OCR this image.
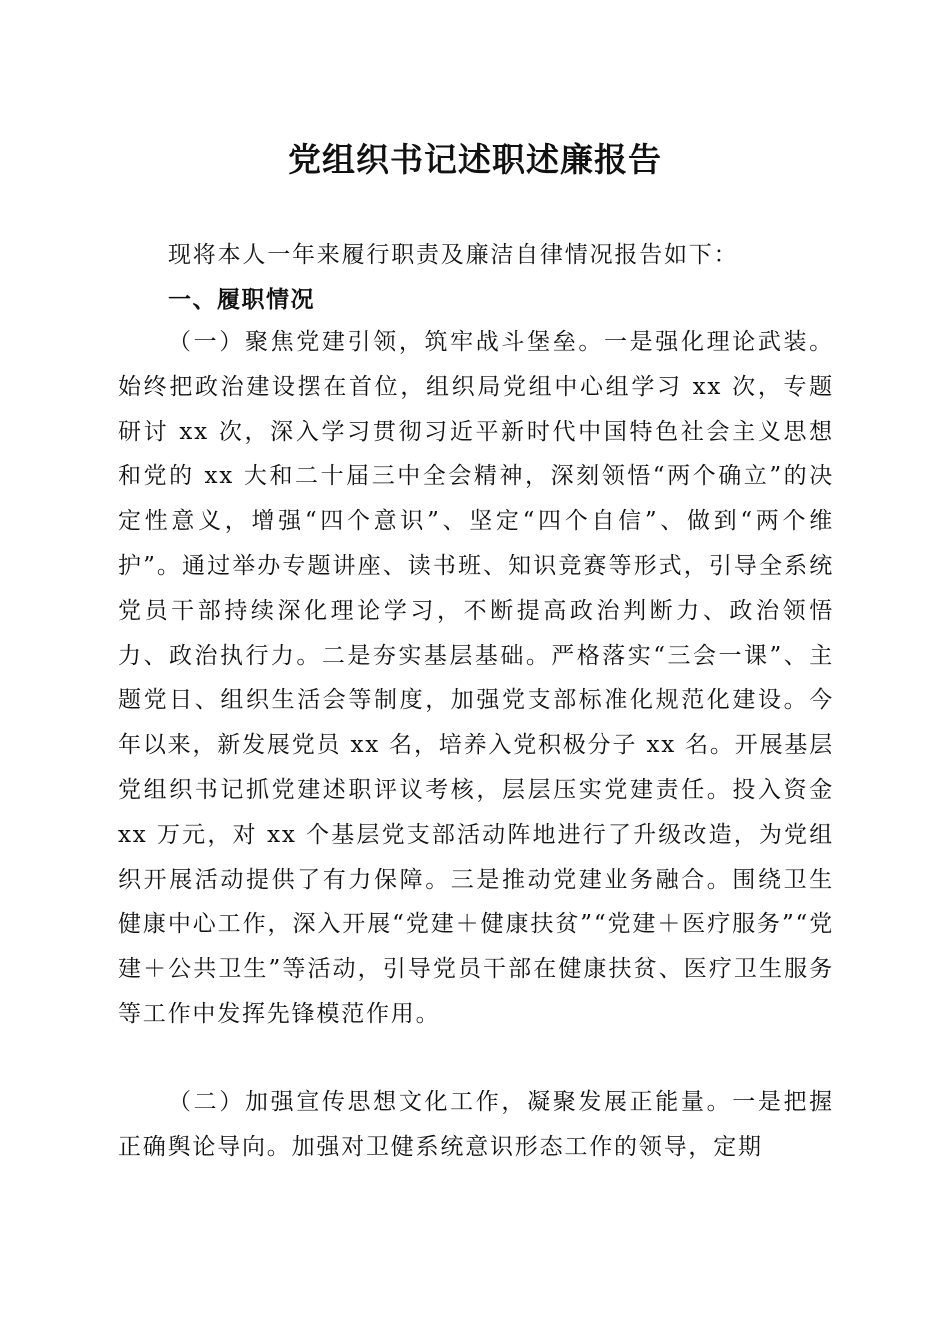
党组织书记述职述廉报告
现将本人一年来履行职责及廉洁自律情况报告如下：
一、履职情况
（一）聚焦党建引领，筑牢战斗堡垒。一是强化理论武装。始终把政治建设摆在首位，组织局党组中心组学习 xx 次，专题研讨 xx 次，深入学习贯彻习近平新时代中国特色社会主义思想和党的 xx 大和二十届三中全会精神，深刻领悟“两个确立”的决定性意义，增强“四个意识”、坚定“四个自信”、做到“两个维护”。通过举办专题讲座、读书班、知识竞赛等形式，引导全系统党员干部持续深化理论学习，不断提高政治判断力、政治领悟力、政治执行力。二是夯实基层基础。严格落实“三会一课”、主题党日、组织生活会等制度，加强党支部标准化规范化建设。今年以来，新发展党员 xx 名，培养入党积极分子 xx 名。开展基层党组织书记抓党建述职评议考核，层层压实党建责任。投入资金 xx 万元，对 xx 个基层党支部活动阵地进行了升级改造，为党组织开展活动提供了有力保障。三是推动党建业务融合。围绕卫生健康中心工作，深入开展“党建＋健康扶贫”“党建＋医疗服务”“党建＋公共卫生”等活动，引导党员干部在健康扶贫、医疗卫生服务等工作中发挥先锋模范作用。
（二）加强宣传思想文化工作，凝聚发展正能量。一是把握正确舆论导向。加强对卫健系统意识形态工作的领导，定期
